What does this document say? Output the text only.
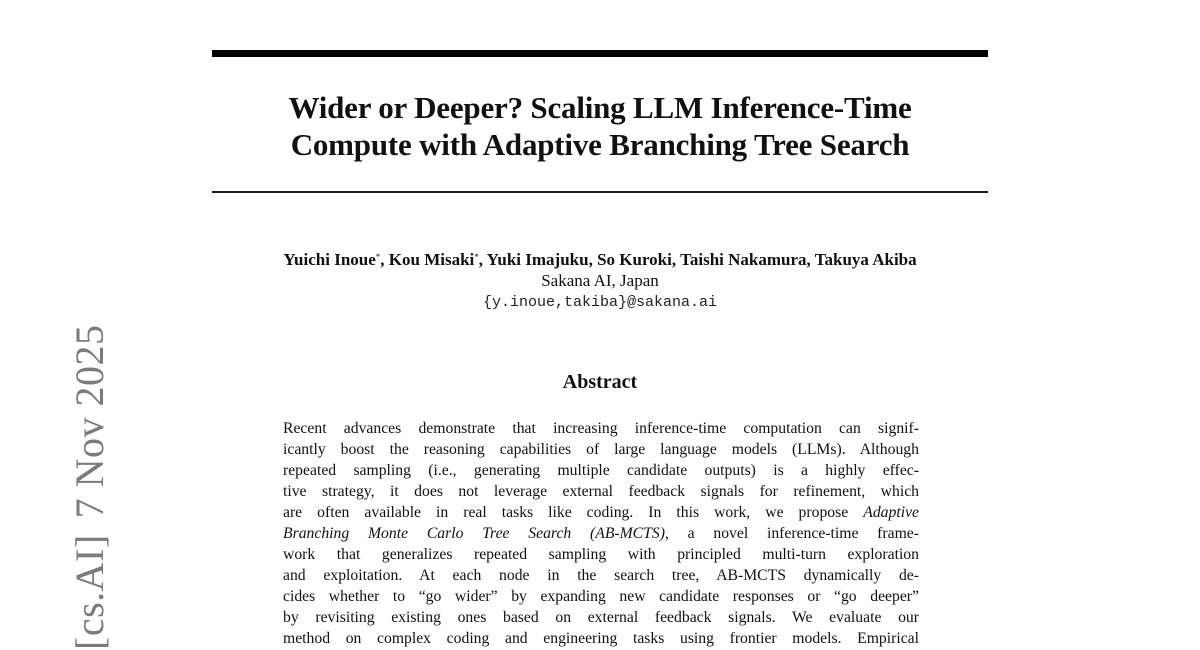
Wider or Deeper? Scaling LLM Inference-Time
Compute with Adaptive Branching Tree Search
Yuichi Inoue*, Kou Misaki*, Yuki Imajuku, So Kuroki, Taishi Nakamura, Takuya Akiba
Sakana AI, Japan
{y.inoue,takiba}@sakana.ai
Abstract
Recent advances demonstrate that increasing inference-time computation can signif-
icantly boost the reasoning capabilities of large language models (LLMs). Although
repeated sampling (i.e., generating multiple candidate outputs) is a highly effec-
tive strategy, it does not leverage external feedback signals for refinement, which
are often available in real tasks like coding. In this work, we propose Adaptive
Branching Monte Carlo Tree Search (AB-MCTS), a novel inference-time frame-
work that generalizes repeated sampling with principled multi-turn exploration
and exploitation. At each node in the search tree, AB-MCTS dynamically de-
cides whether to “go wider” by expanding new candidate responses or “go deeper”
by revisiting existing ones based on external feedback signals. We evaluate our
method on complex coding and engineering tasks using frontier models. Empirical
[cs.AI]7 Nov 2025
